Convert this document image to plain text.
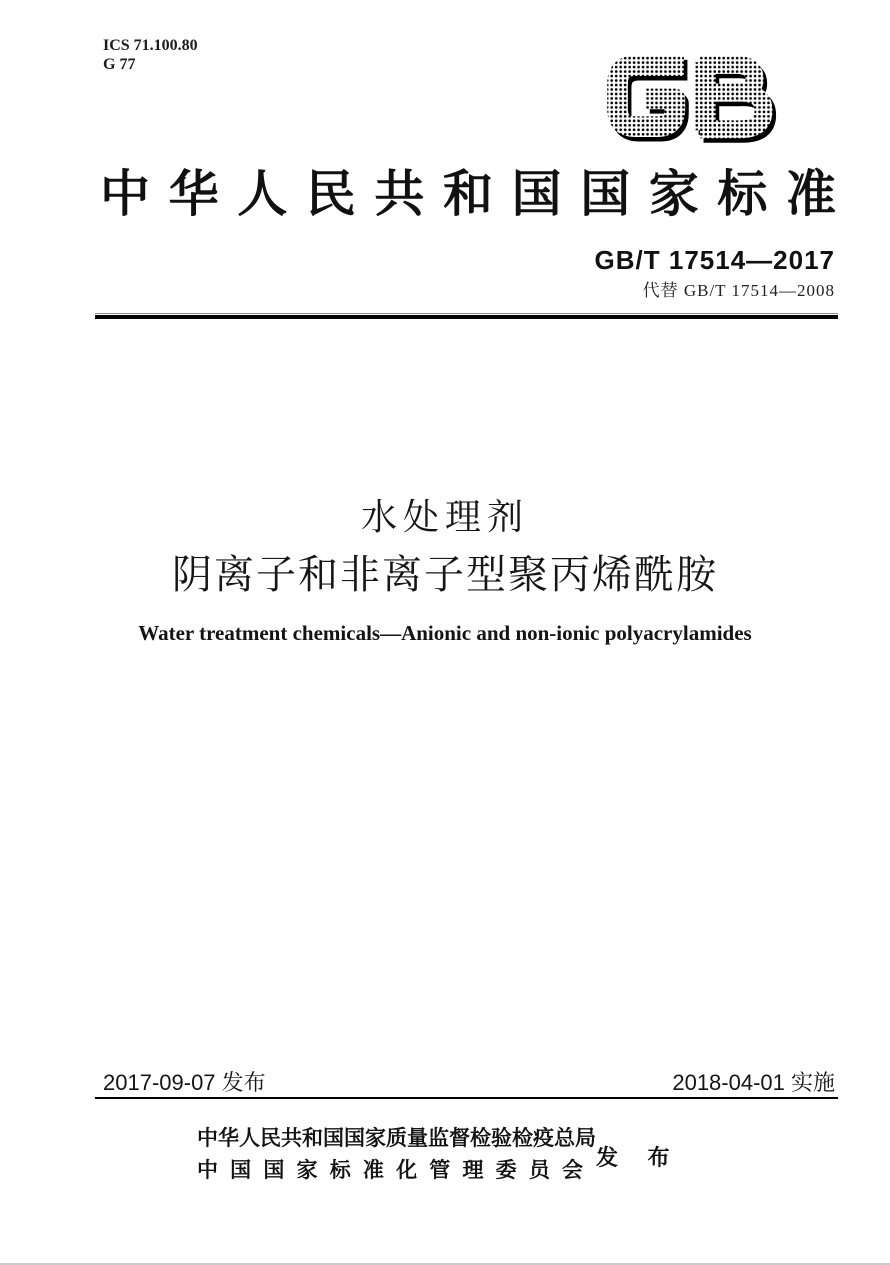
ICS 71.100.80
G 77
中华人民共和国国家标准
GB/T 17514—2017
代替 GB/T 17514—2008
水处理剂
阴离子和非离子型聚丙烯酰胺
Water treatment chemicals—Anionic and non-ionic polyacrylamides
2017-09-07 发布	2018-04-01 实施
中华人民共和国国家质量监督检验检疫总局
中国国家标准化管理委员会 发 布
